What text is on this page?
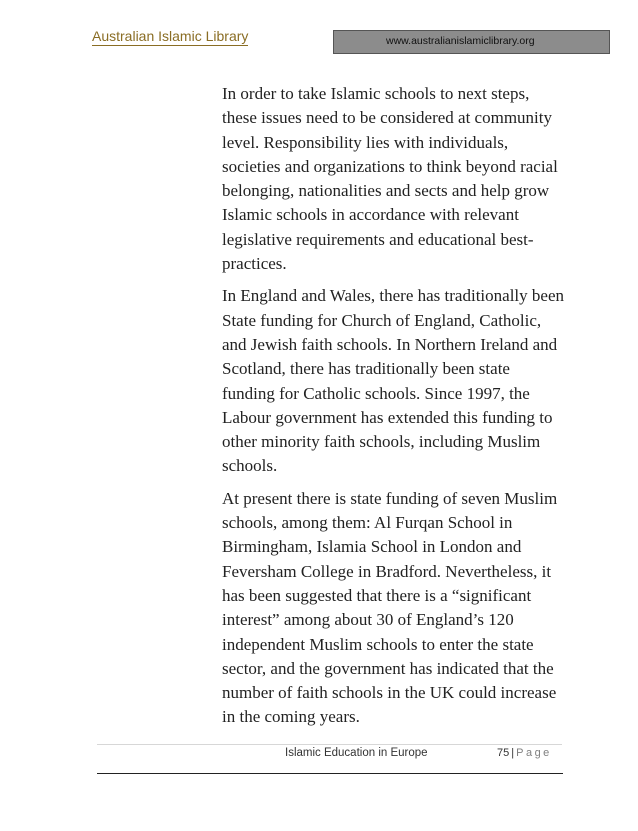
Australian Islamic Library	www.australianislamiclibrary.org

In order to take Islamic schools to next steps, these issues need to be considered at community level. Responsibility lies with individuals, societies and organizations to think beyond racial belonging, nationalities and sects and help grow Islamic schools in accordance with relevant legislative requirements and educational best-practices.

In England and Wales, there has traditionally been State funding for Church of England, Catholic, and Jewish faith schools. In Northern Ireland and Scotland, there has traditionally been state funding for Catholic schools. Since 1997, the Labour government has extended this funding to other minority faith schools, including Muslim schools.

At present there is state funding of seven Muslim schools, among them: Al Furqan School in Birmingham, Islamia School in London and Feversham College in Bradford. Nevertheless, it has been suggested that there is a “significant interest” among about 30 of England’s 120 independent Muslim schools to enter the state sector, and the government has indicated that the number of faith schools in the UK could increase in the coming years.

Islamic Education in Europe	75 | Page
